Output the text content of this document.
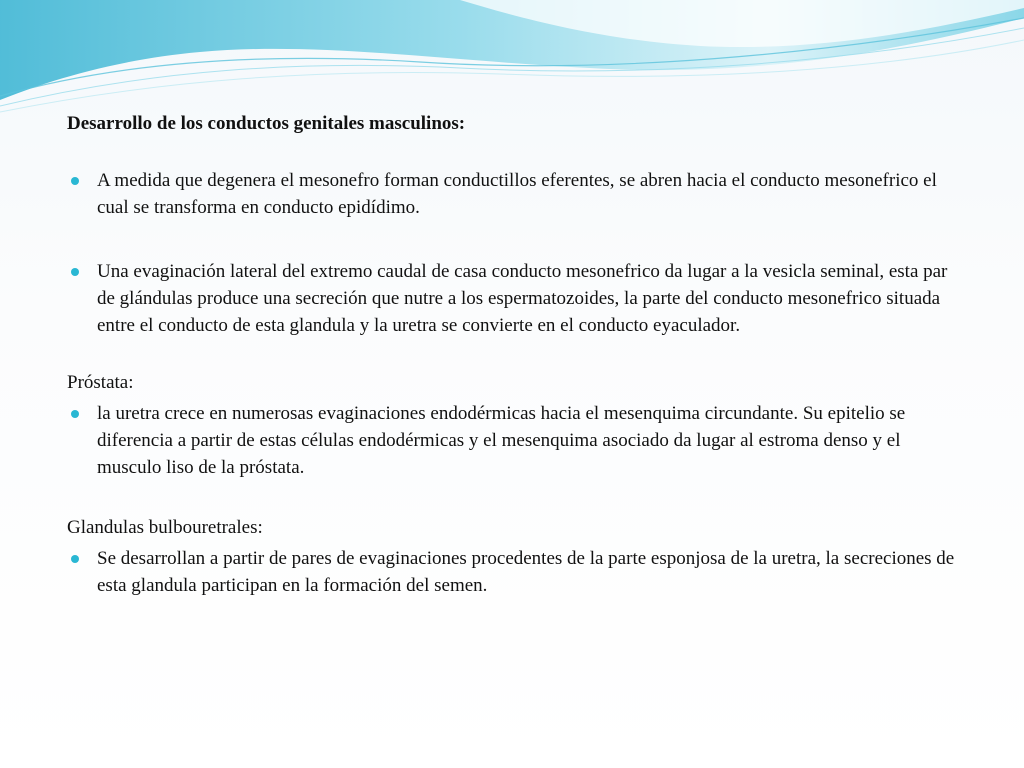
Desarrollo de los conductos genitales masculinos:

A medida que degenera el mesonefro forman conductillos eferentes, se abren hacia el conducto mesonefrico el cual se transforma en conducto epidídimo.
Una evaginación lateral del extremo caudal de casa conducto mesonefrico da lugar a la vesicla seminal, esta par de glándulas produce una secreción que nutre a los espermatozoides, la parte del conducto mesonefrico situada entre el conducto de esta glandula y la uretra se convierte en el conducto eyaculador.

Próstata:

la uretra crece en numerosas evaginaciones endodérmicas hacia el mesenquima circundante. Su epitelio se diferencia a partir de estas células endodérmicas y el mesenquima asociado da lugar al estroma denso y el musculo liso de la próstata.

Glandulas bulbouretrales:

Se desarrollan a partir de pares de evaginaciones procedentes de la parte esponjosa de la uretra, la secreciones de esta glandula participan en la formación del semen.
